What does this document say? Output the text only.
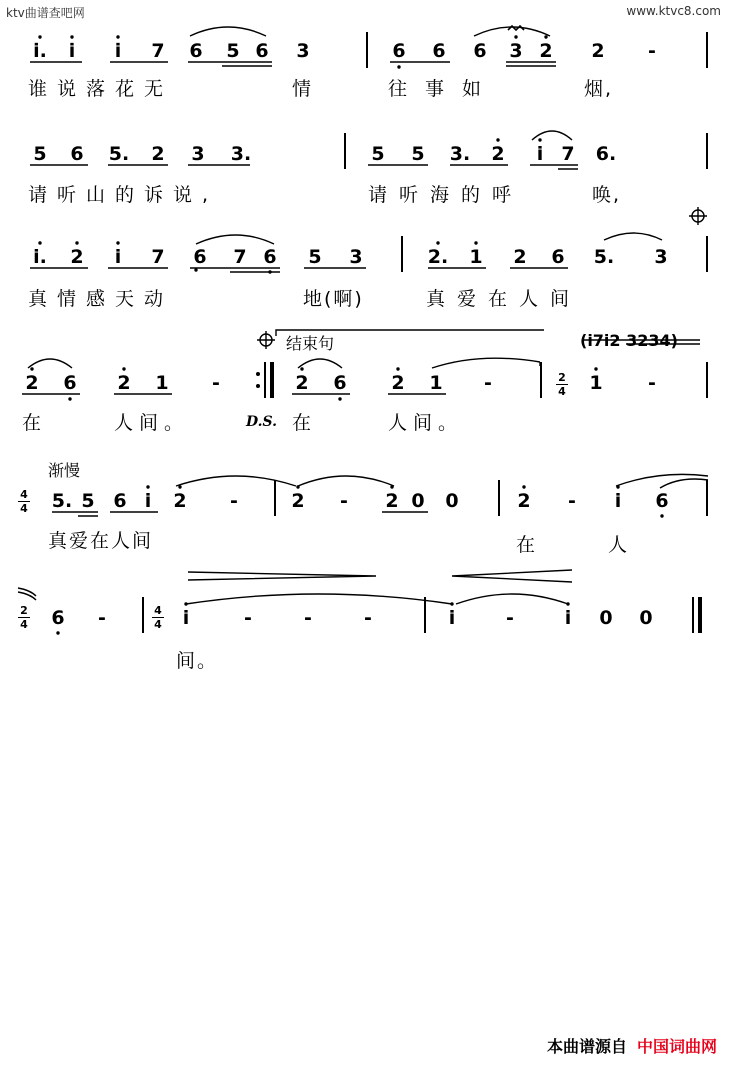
ktv曲谱查吧网	www.ktvc8.com
i̇.	i̇	i̇	7 6 5 6 3	6 6 6 3 2 2	-
谁说落花无	情	往事如	烟,
5 6 5. 2 3 3.	5 5 3. 2	i 7 6.
请听山的诉说,	请听海的呼	唤,
i. 2	i	7 6 7 6 5 3	2. 1 2 6 5. 3
真情感天动	地(啊)	真爱在人间
结束句	(i7i2 3234)
2 6 2 1	-	2 6 2 1	-	2
4 1	-
在	人间。	D.S. 在	人间。
渐慢
4
4 5. 5 6 i	2	-	2	-	2 0 0	2	-	i	6
真爱在人间	在	人
2
4 6	-	4
4	i	-	-	-	i	-	i	0 0
间。
本曲谱源自 中国词曲网
